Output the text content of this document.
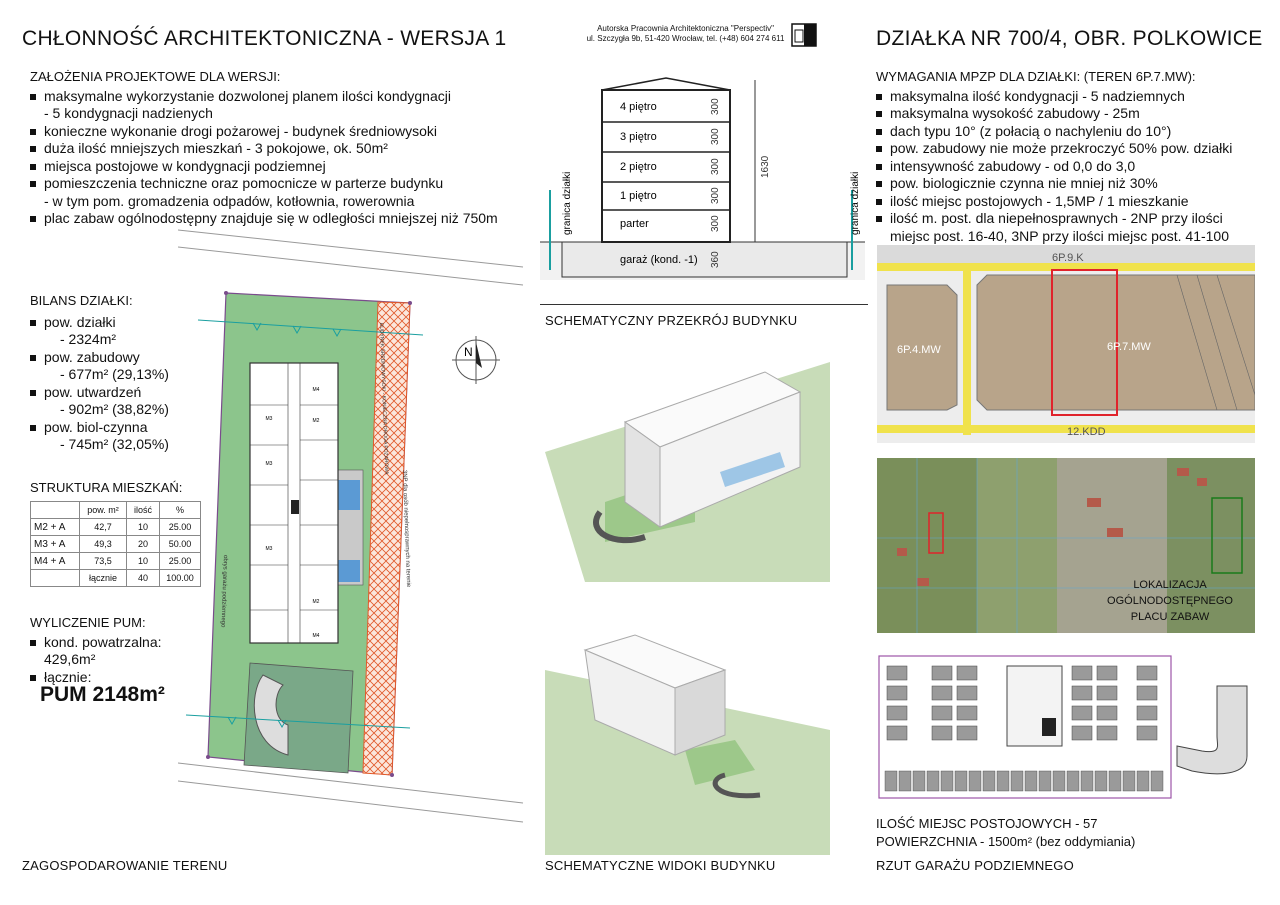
CHŁONNOŚĆ ARCHITEKTONICZNA - WERSJA 1	DZIAŁKA NR 700/4, OBR. POLKOWICE
Autorska Pracownia Architektoniczna "Perspectiv"
ul. Szczygła 9b, 51-420 Wrocław, tel. (+48) 604 274 611
ZAŁOŻENIA PROJEKTOWE DLA WERSJI:
maksymalne wykorzystanie dozwolonej planem ilości kondygnacji
- 5 kondygnacji nadzienych
konieczne wykonanie drogi pożarowej - budynek średniowysoki
duża ilość mniejszych mieszkań - 3 pokojowe, ok. 50m²
miejsca postojowe w kondygnacji podziemnej
pomieszczenia techniczne oraz pomocnicze w parterze budynku
- w tym pom. gromadzenia odpadów, kotłownia, rowerownia
plac zabaw ogólnodostępny znajduje się w odległości mniejszej niż 750m
BILANS DZIAŁKI:
pow. działki
- 2324m²
pow. zabudowy
- 677m² (29,13%)
pow. utwardzeń
- 902m² (38,82%)
pow. biol-czynna
- 745m² (32,05%)
STRUKTURA MIESZKAŃ:
	pow. m²	ilość	%
M2 + A	42,7	10	25.00
M3 + A	49,3	20	50.00
M4 + A	73,5	10	25.00
	łącznie	40	100.00
WYLICZENIE PUM:
kond. powatrzalna:
429,6m²
łącznie:
PUM 2148m²
M4
M3	M2
M3
M3
M2
M4
BUDYNEK ŚREDNIOWYSOKI - KONIECZNA DROGA POŻAROWA
3NP dla osób niepełnosprawnych na terenie
obrys garażu podziemnego
N
ZAGOSPODAROWANIE TERENU
4 piętro
3 piętro
2 piętro
1 piętro
parter
garaż (kond. -1)
300
300
300
300
300
360
1630
granica działki	granica działki
SCHEMATYCZNY PRZEKRÓJ BUDYNKU
SCHEMATYCZNE WIDOKI BUDYNKU
WYMAGANIA MPZP DLA DZIAŁKI: (TEREN 6P.7.MW):
maksymalna ilość kondygnacji - 5 nadziemnych
maksymalna wysokość zabudowy - 25m
dach typu 10° (z połacią o nachyleniu do 10°)
pow. zabudowy nie może przekroczyć 50% pow. działki
intensywność zabudowy - od 0,0 do 3,0
pow. biologicznie czynna nie mniej niż 30%
ilość miejsc postojowych - 1,5MP / 1 mieszkanie
ilość m. post. dla niepełnosprawnych - 2NP przy ilości
miejsc post. 16-40, 3NP przy ilości miejsc post. 41-100
6P.9.K
6P.4.MW	6P.7.MW
12.KDD
LOKALIZACJA
OGÓLNODOSTĘPNEGO
PLACU ZABAW
ILOŚĆ MIEJSC POSTOJOWYCH - 57
POWIERZCHNIA - 1500m² (bez oddymiania)
RZUT GARAŻU PODZIEMNEGO
